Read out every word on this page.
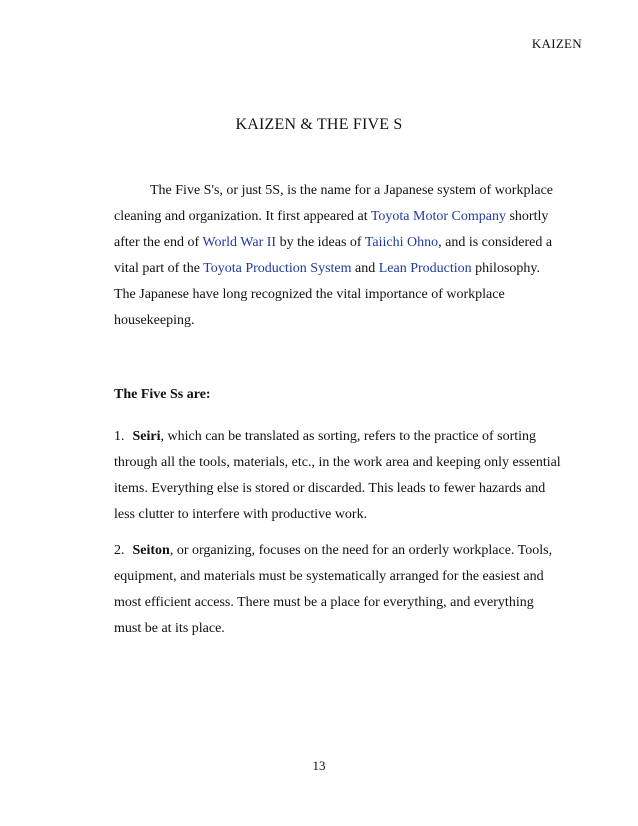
KAIZEN
KAIZEN & THE FIVE S
The Five S's, or just 5S, is the name for a Japanese system of workplace
cleaning and organization. It first appeared at Toyota Motor Company shortly
after the end of World War II by the ideas of Taiichi Ohno, and is considered a
vital part of the Toyota Production System and Lean Production philosophy.
The Japanese have long recognized the vital importance of workplace
housekeeping.
The Five Ss are:
1. Seiri, which can be translated as sorting, refers to the practice of sorting
through all the tools, materials, etc., in the work area and keeping only essential
items. Everything else is stored or discarded. This leads to fewer hazards and
less clutter to interfere with productive work.
2. Seiton, or organizing, focuses on the need for an orderly workplace. Tools,
equipment, and materials must be systematically arranged for the easiest and
most efficient access. There must be a place for everything, and everything
must be at its place.
13
